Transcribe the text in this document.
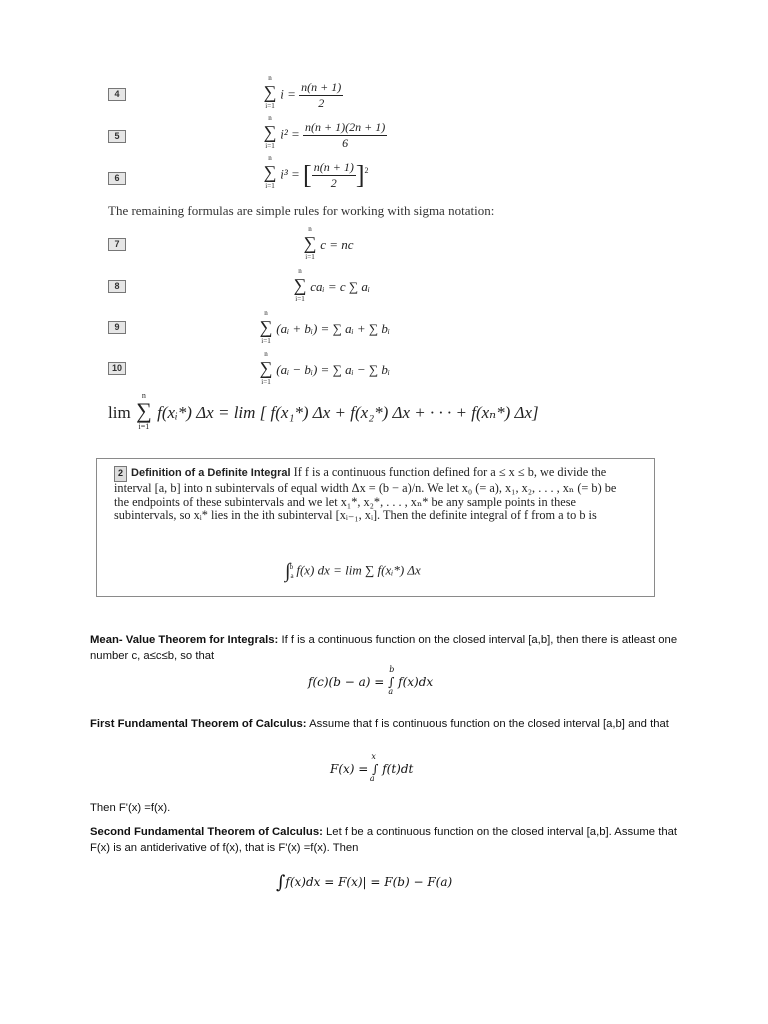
4
n
∑
i=1
$i = \frac{n(n + 1)}{2}$
5
n
∑
i=1
$i^2 = \frac{n(n + 1)(2n + 1)}{6}$
6
n
∑
i=1
i³ = [ $\frac{n(n + 1)}{2} ]^2$
The remaining formulas are simple rules for working with sigma notation:
7
n
∑
i=1
c = nc
8
n
∑
i=1
caᵢ = c ∑ aᵢ
9
n
∑
i=1
(aᵢ + bᵢ) = ∑ aᵢ + ∑ bᵢ
10
n
∑
i=1
(aᵢ − bᵢ) = ∑ aᵢ − ∑ bᵢ
lim
n
∑
i=1
f(xᵢ*) Δx = lim [ f(x₁*) Δx + f(x₂*) Δx + · · · + f(xₙ*) Δx]
2 Definition of a Definite Integral If f is a continuous function defined for a ≤ x ≤ b, we divide the interval [a, b] into n subintervals of equal width Δx = (b − a)/n. We let x₀ (= a), x₁, x₂, . . . , xₙ (= b) be the endpoints of these subintervals and we let x₁*, x₂*, . . . , xₙ* be any sample points in these subintervals, so xᵢ* lies in the ith subinterval [xᵢ₋₁, xᵢ]. Then the definite integral of f from a to b is
$\int_a^b$ f(x) dx = lim ∑ f(xᵢ*) Δx
Mean- Value Theorem for Integrals: If f is a continuous function on the closed interval [a,b], then there is atleast one number c, a≤c≤b, so that
f(c)(b − a) = ∫ $f(x)dx^b_a$
First Fundamental Theorem of Calculus: Assume that f is continuous function on the closed interval [a,b] and that
F(x) = ∫ $f(t)dt^x_a$
Then F'(x) =f(x).
Second Fundamental Theorem of Calculus: Let f be a continuous function on the closed interval [a,b]. Assume that F(x) is an antiderivative of f(x), that is F'(x) =f(x). Then
∫f(x)dx = F(x)| = F(b) − F(a)
